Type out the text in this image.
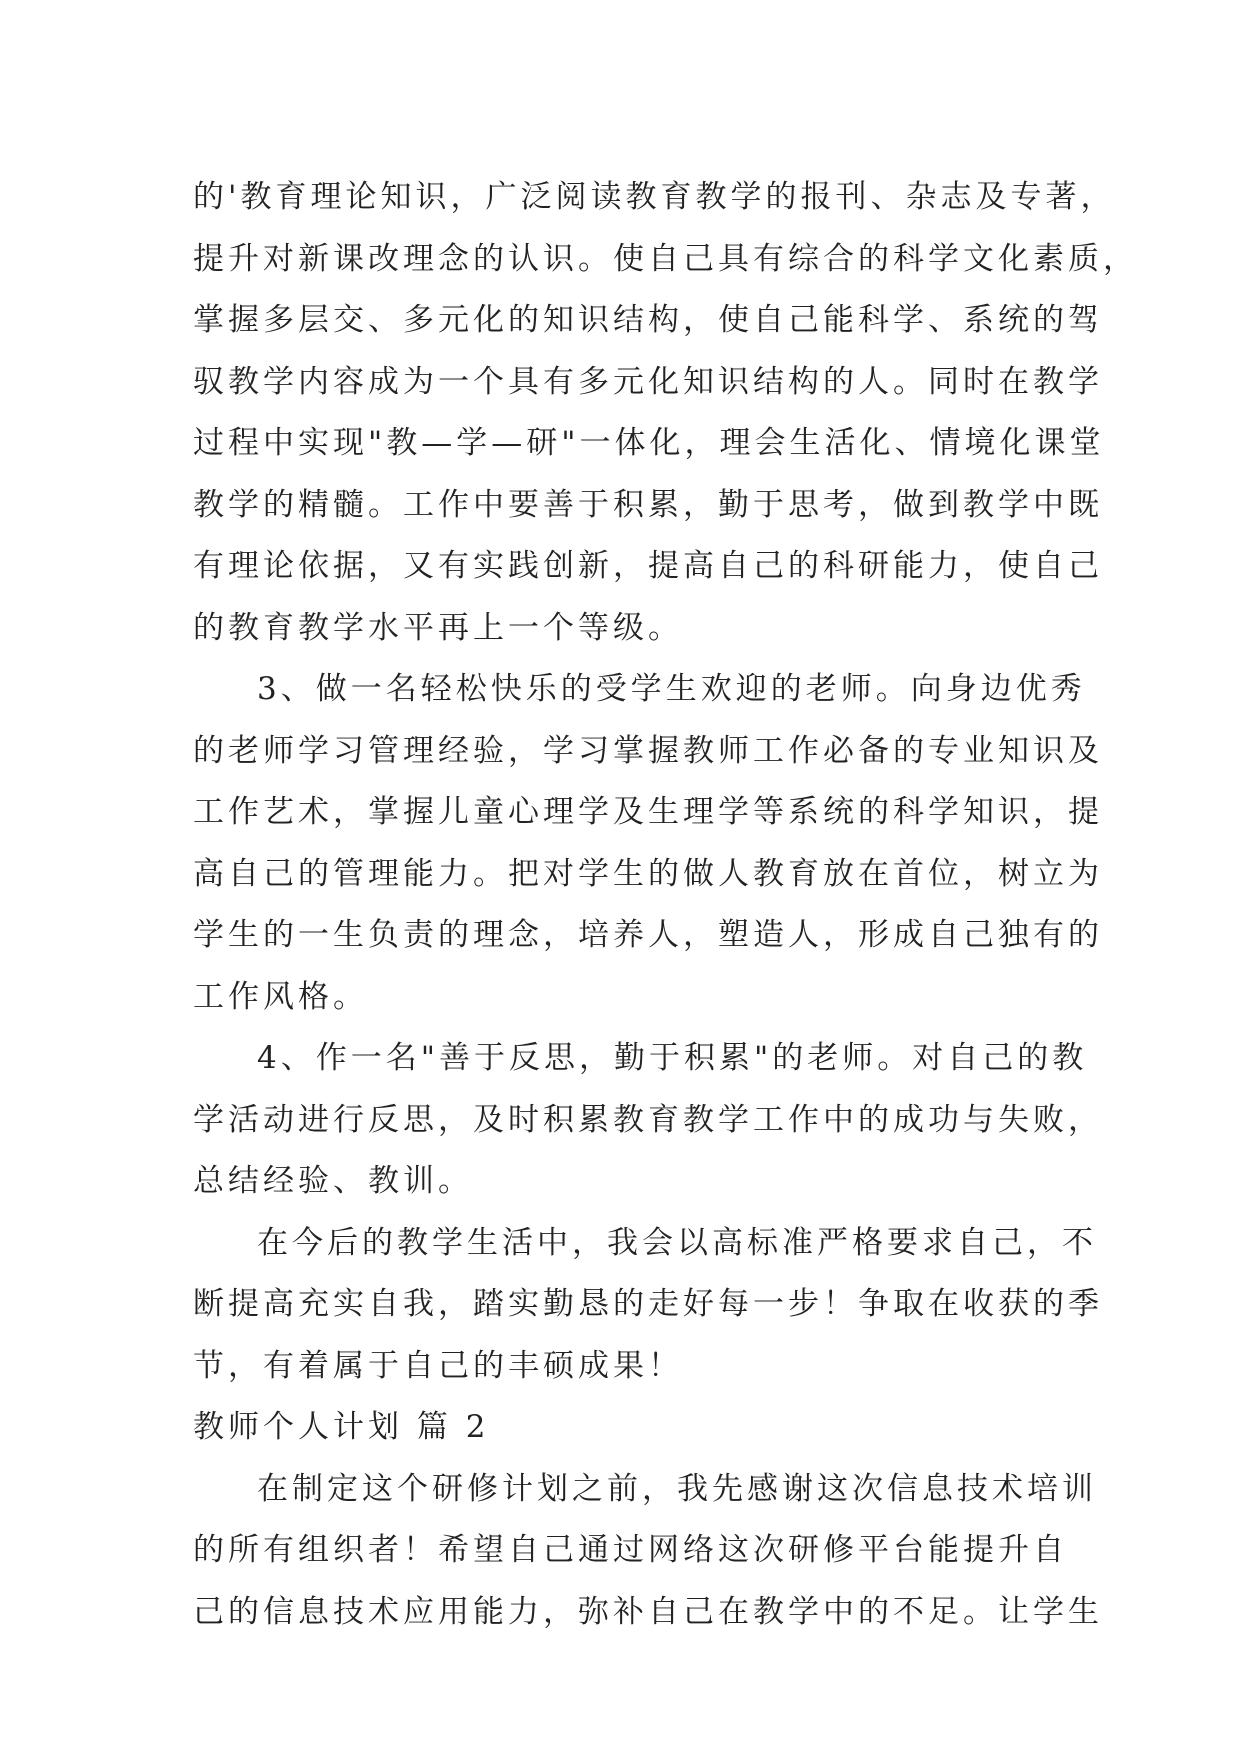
的'教育理论知识，广泛阅读教育教学的报刊、杂志及专著，
提升对新课改理念的认识。使自己具有综合的科学文化素质，
掌握多层交、多元化的知识结构，使自己能科学、系统的驾
驭教学内容成为一个具有多元化知识结构的人。同时在教学
过程中实现"教—学—研"一体化，理会生活化、情境化课堂
教学的精髓。工作中要善于积累，勤于思考，做到教学中既
有理论依据，又有实践创新，提高自己的科研能力，使自己
的教育教学水平再上一个等级。
3、做一名轻松快乐的受学生欢迎的老师。向身边优秀
的老师学习管理经验，学习掌握教师工作必备的专业知识及
工作艺术，掌握儿童心理学及生理学等系统的科学知识，提
高自己的管理能力。把对学生的做人教育放在首位，树立为
学生的一生负责的理念，培养人，塑造人，形成自己独有的
工作风格。
4、作一名"善于反思，勤于积累"的老师。对自己的教
学活动进行反思，及时积累教育教学工作中的成功与失败，
总结经验、教训。
在今后的教学生活中，我会以高标准严格要求自己，不
断提高充实自我，踏实勤恳的走好每一步！争取在收获的季
节，有着属于自己的丰硕成果！
教师个人计划 篇 2
在制定这个研修计划之前，我先感谢这次信息技术培训
的所有组织者！希望自己通过网络这次研修平台能提升自
己的信息技术应用能力，弥补自己在教学中的不足。让学生
